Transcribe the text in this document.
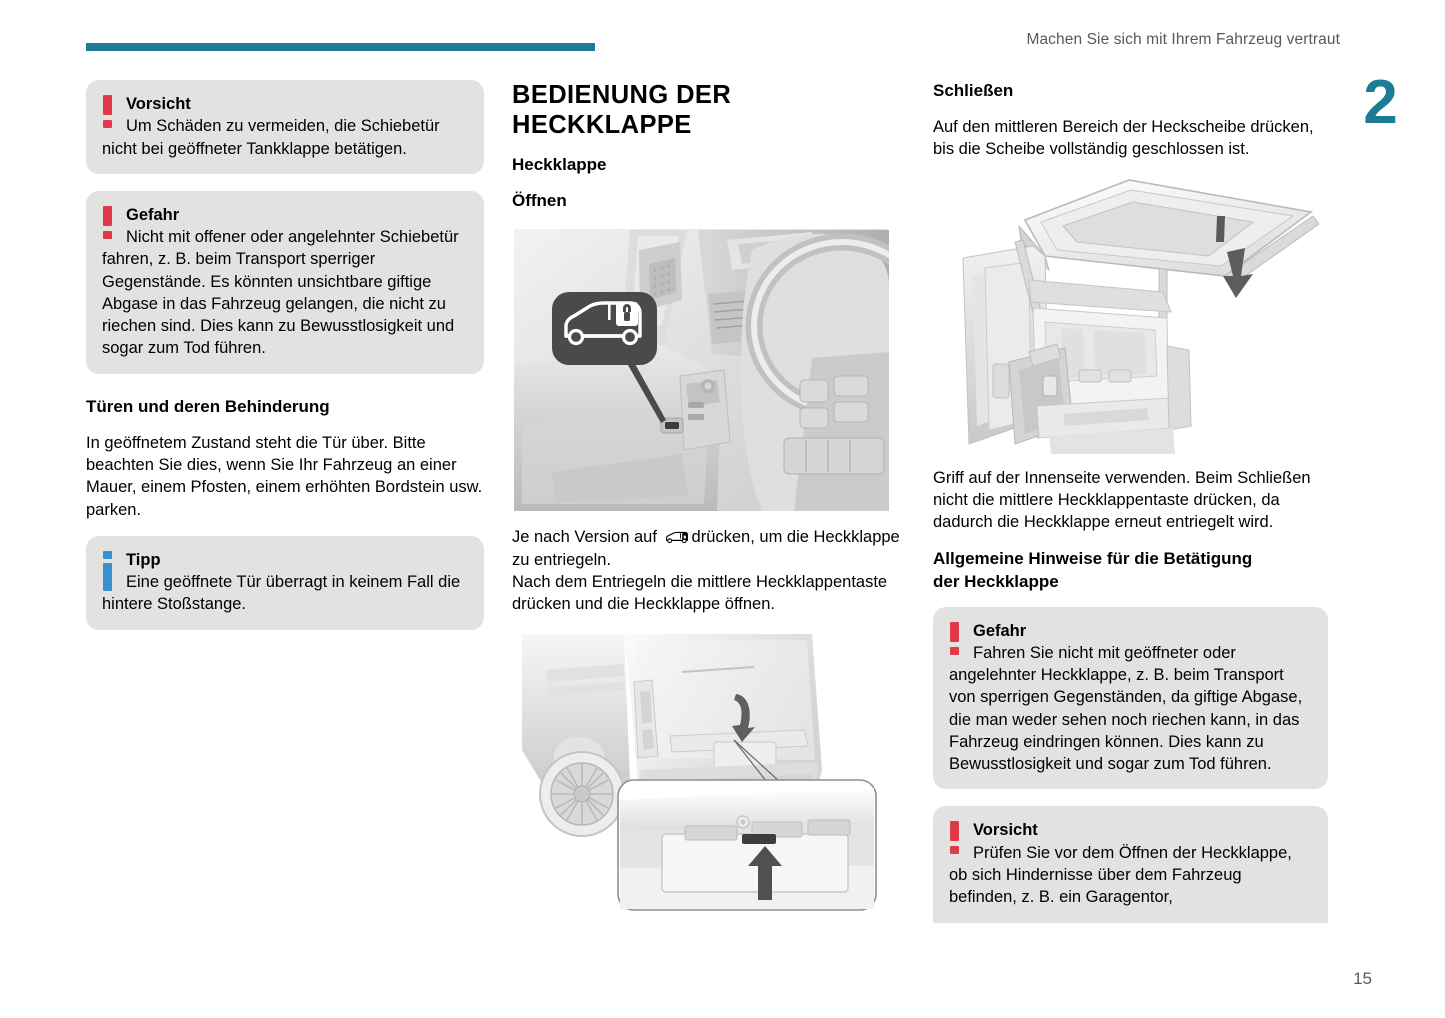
Machen Sie sich mit Ihrem Fahrzeug vertraut
2
15
Vorsicht
Um Schäden zu vermeiden, die Schiebetür nicht bei geöffneter Tankklappe betätigen.
Gefahr
Nicht mit offener oder angelehnter Schiebetür fahren, z. B. beim Transport sperriger Gegenstände. Es könnten unsichtbare giftige Abgase in das Fahrzeug gelangen, die nicht zu riechen sind. Dies kann zu Bewusstlosigkeit und sogar zum Tod führen.
Türen und deren Behinderung

In geöffnetem Zustand steht die Tür über. Bitte beachten Sie dies, wenn Sie Ihr Fahrzeug an einer Mauer, einem Pfosten, einem erhöhten Bordstein usw. parken.

Tipp
Eine geöffnete Tür überragt in keinem Fall die hintere Stoßstange.
BEDIENUNG DER
HECKKLAPPE
Heckklappe
Öffnen

Je nach Version auf drücken, um die Heckklappe zu entriegeln.

Nach dem Entriegeln die mittlere Heckklappentaste drücken und die Heckklappe öffnen.

Schließen

Auf den mittleren Bereich der Heckscheibe drücken, bis die Scheibe vollständig geschlossen ist.

Griff auf der Innenseite verwenden. Beim Schließen nicht die mittlere Heckklappentaste drücken, da dadurch die Heckklappe erneut entriegelt wird.

Allgemeine Hinweise für die Betätigung
der Heckklappe
Gefahr
Fahren Sie nicht mit geöffneter oder angelehnter Heckklappe, z. B. beim Transport von sperrigen Gegenständen, da giftige Abgase, die man weder sehen noch riechen kann, in das Fahrzeug eindringen können. Dies kann zu Bewusstlosigkeit und sogar zum Tod führen.
Vorsicht
Prüfen Sie vor dem Öffnen der Heckklappe, ob sich Hindernisse über dem Fahrzeug befinden, z. B. ein Garagentor,
